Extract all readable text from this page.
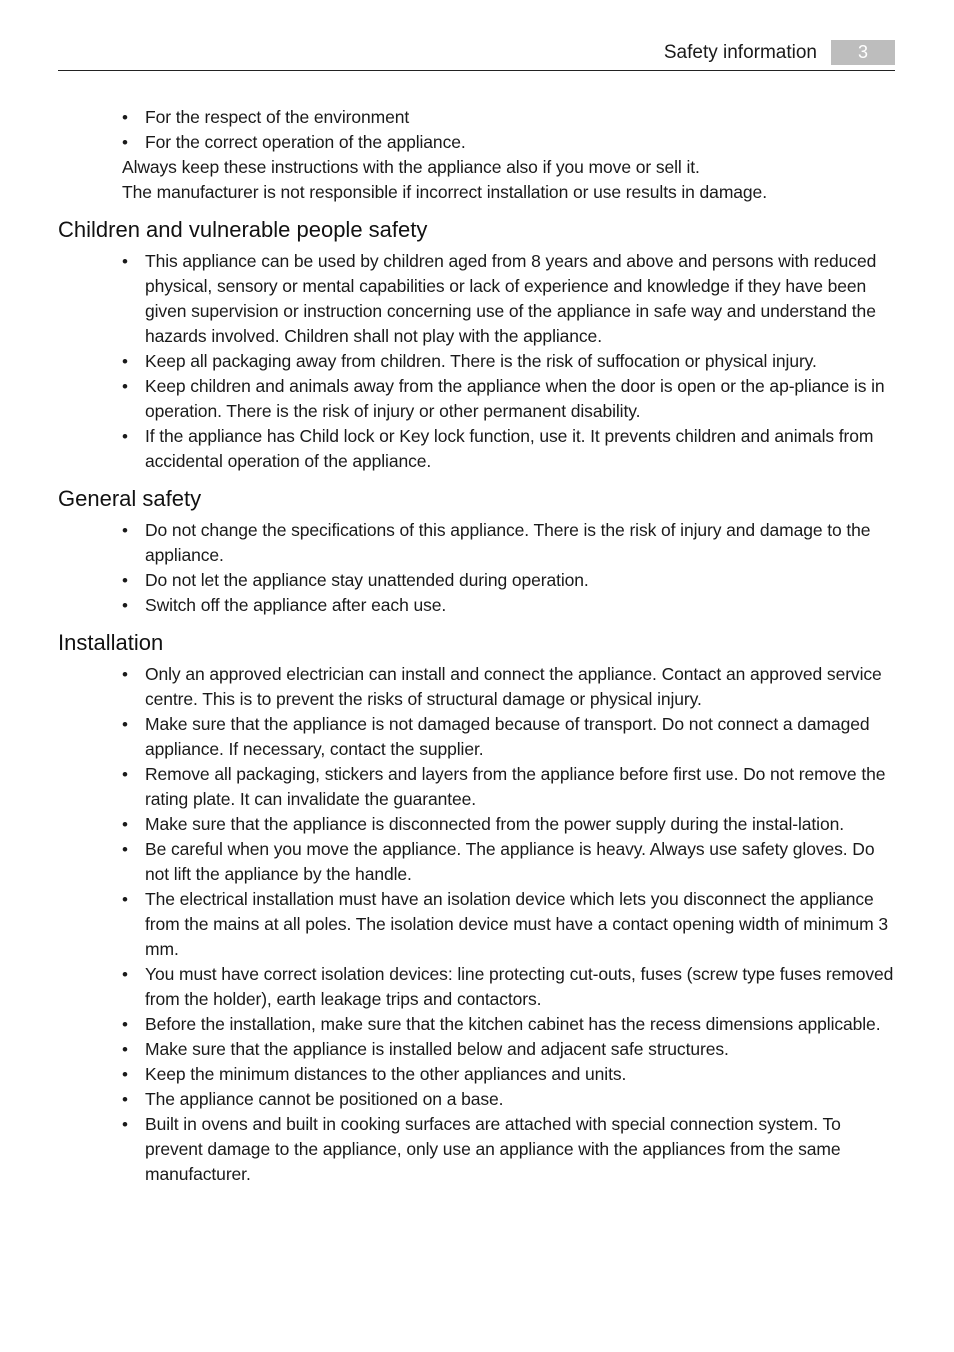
Safety information	3
• For the respect of the environment
• For the correct operation of the appliance.
Always keep these instructions with the appliance also if you move or sell it.
The manufacturer is not responsible if incorrect installation or use results in damage.
Children and vulnerable people safety
• This appliance can be used by children aged from 8 years and above and persons with reduced physical, sensory or mental capabilities or lack of experience and knowledge if they have been given supervision or instruction concerning use of the appliance in safe way and understand the hazards involved. Children shall not play with the appliance.
• Keep all packaging away from children. There is the risk of suffocation or physical injury.
• Keep children and animals away from the appliance when the door is open or the ap-pliance is in operation. There is the risk of injury or other permanent disability.
• If the appliance has Child lock or Key lock function, use it. It prevents children and animals from accidental operation of the appliance.
General safety
• Do not change the specifications of this appliance. There is the risk of injury and damage to the appliance.
• Do not let the appliance stay unattended during operation.
• Switch off the appliance after each use.
Installation
• Only an approved electrician can install and connect the appliance. Contact an approved service centre. This is to prevent the risks of structural damage or physical injury.
• Make sure that the appliance is not damaged because of transport. Do not connect a damaged appliance. If necessary, contact the supplier.
• Remove all packaging, stickers and layers from the appliance before first use. Do not remove the rating plate. It can invalidate the guarantee.
• Make sure that the appliance is disconnected from the power supply during the instal-lation.
• Be careful when you move the appliance. The appliance is heavy. Always use safety gloves. Do not lift the appliance by the handle.
• The electrical installation must have an isolation device which lets you disconnect the appliance from the mains at all poles. The isolation device must have a contact opening width of minimum 3 mm.
• You must have correct isolation devices: line protecting cut-outs, fuses (screw type fuses removed from the holder), earth leakage trips and contactors.
• Before the installation, make sure that the kitchen cabinet has the recess dimensions applicable.
• Make sure that the appliance is installed below and adjacent safe structures.
• Keep the minimum distances to the other appliances and units.
• The appliance cannot be positioned on a base.
• Built in ovens and built in cooking surfaces are attached with special connection system. To prevent damage to the appliance, only use an appliance with the appliances from the same manufacturer.
